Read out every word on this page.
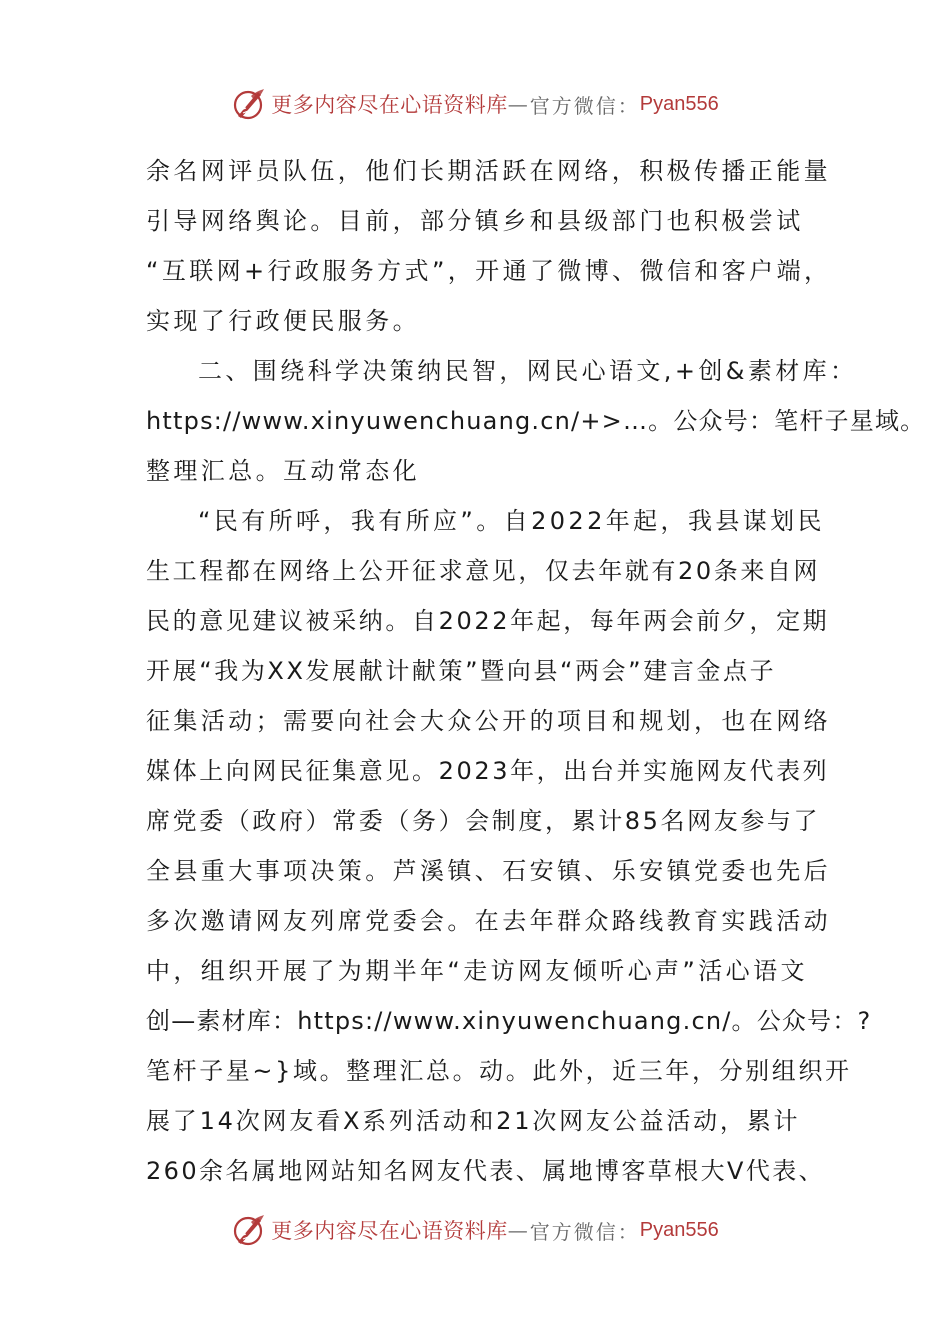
更多内容尽在心语资料库 — 官方微信： Pyan556
余名网评员队伍，他们长期活跃在网络，积极传播正能量
引导网络舆论。目前，部分镇乡和县级部门也积极尝试
“互联网+行政服务方式”，开通了微博、微信和客户端，
实现了行政便民服务。
二、围绕科学决策纳民智，网民心语文,+创&素材库：
https://www.xinyuwenchuang.cn/+>…。公众号：笔杆子星域。
整理汇总。互动常态化
“民有所呼，我有所应”。自2022年起，我县谋划民
生工程都在网络上公开征求意见，仅去年就有20条来自网
民的意见建议被采纳。自2022年起，每年两会前夕，定期
开展“我为XX发展献计献策”暨向县“两会”建言金点子
征集活动；需要向社会大众公开的项目和规划，也在网络
媒体上向网民征集意见。2023年，出台并实施网友代表列
席党委（政府）常委（务）会制度，累计85名网友参与了
全县重大事项决策。芦溪镇、石安镇、乐安镇党委也先后
多次邀请网友列席党委会。在去年群众路线教育实践活动
中，组织开展了为期半年“走访网友倾听心声”活心语文
创—素材库：https://www.xinyuwenchuang.cn/。公众号：?
笔杆子星~}域。整理汇总。动。此外，近三年，分别组织开
展了14次网友看X系列活动和21次网友公益活动，累计
260余名属地网站知名网友代表、属地博客草根大V代表、
更多内容尽在心语资料库 — 官方微信： Pyan556
